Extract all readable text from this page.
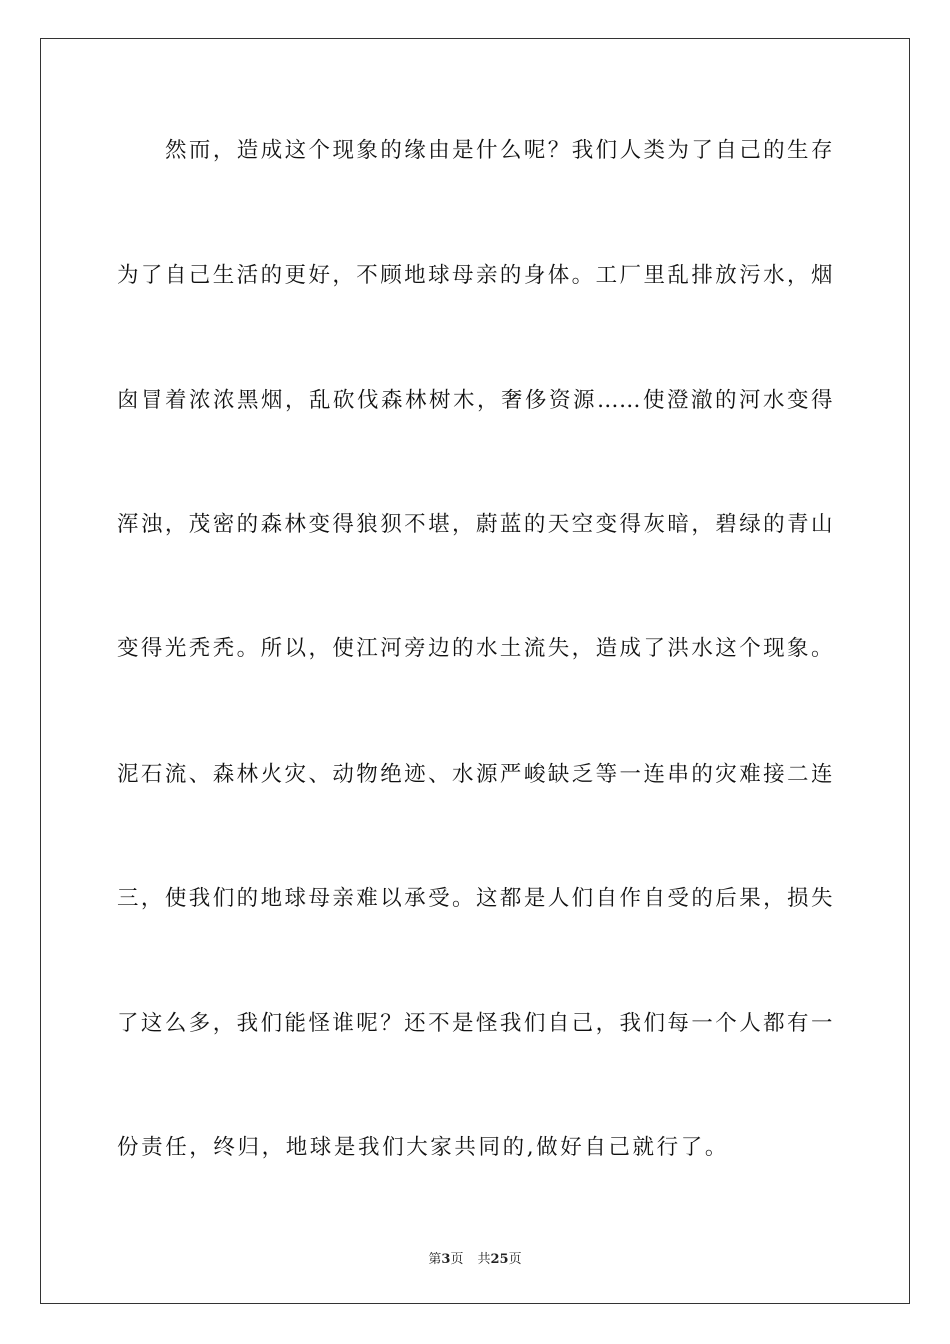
然而，造成这个现象的缘由是什么呢？我们人类为了自己的生存
为了自己生活的更好，不顾地球母亲的身体。工厂里乱排放污水，烟
囱冒着浓浓黑烟，乱砍伐森林树木，奢侈资源……使澄澈的河水变得
浑浊，茂密的森林变得狼狈不堪，蔚蓝的天空变得灰暗，碧绿的青山
变得光秃秃。所以，使江河旁边的水土流失，造成了洪水这个现象。
泥石流、森林火灾、动物绝迹、水源严峻缺乏等一连串的灾难接二连
三，使我们的地球母亲难以承受。这都是人们自作自受的后果，损失
了这么多，我们能怪谁呢？还不是怪我们自己，我们每一个人都有一
份责任，终归，地球是我们大家共同的,做好自己就行了。
第3页 共25页
